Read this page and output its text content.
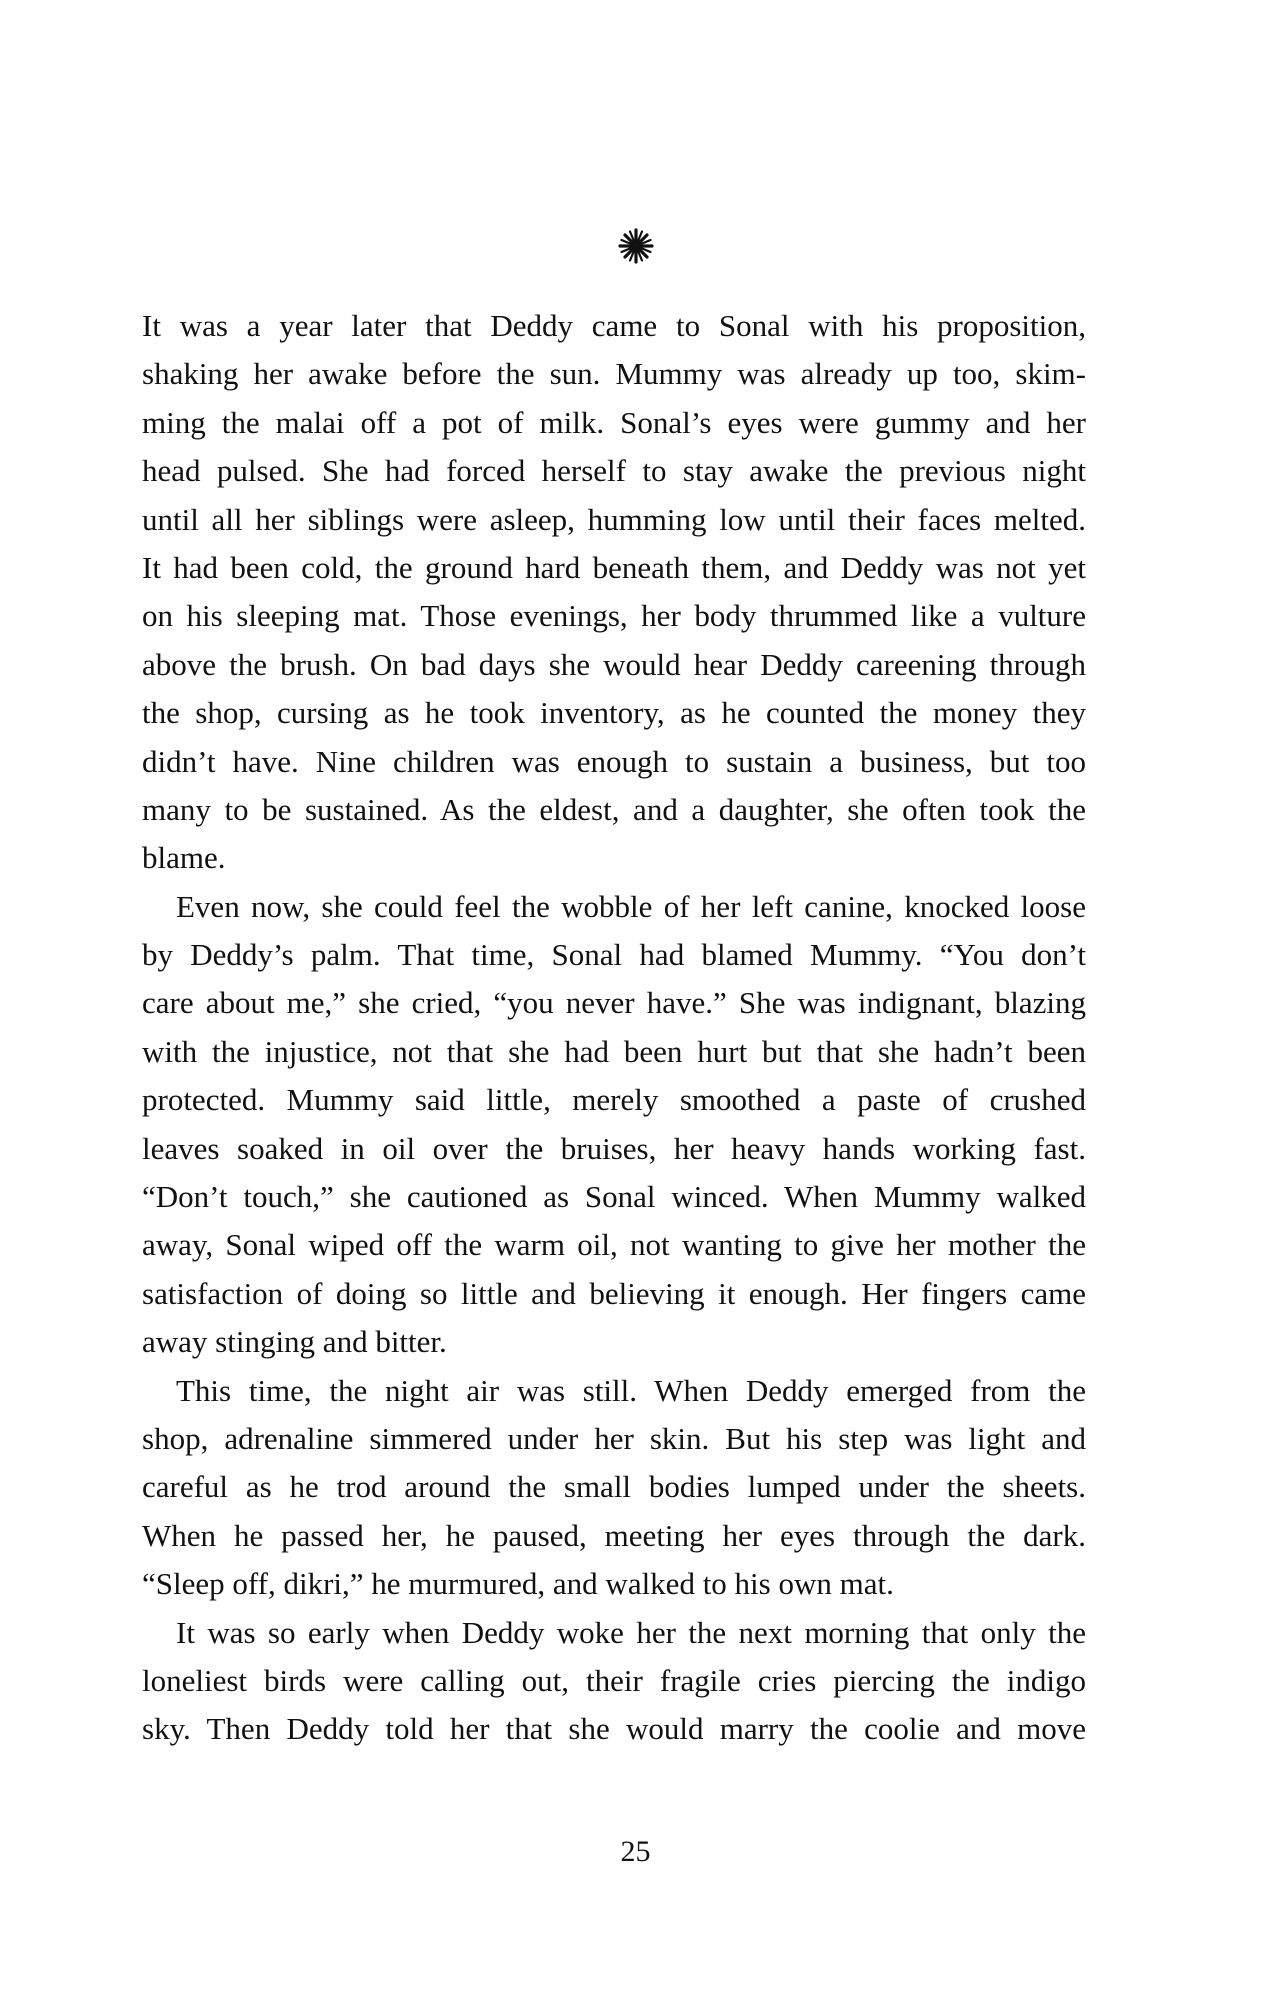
It was a year later that Deddy came to Sonal with his proposition,
shaking her awake before the sun. Mummy was already up too, skim-
ming the malai off a pot of milk. Sonal’s eyes were gummy and her
head pulsed. She had forced herself to stay awake the previous night
until all her siblings were asleep, humming low until their faces melted.
It had been cold, the ground hard beneath them, and Deddy was not yet
on his sleeping mat. Those evenings, her body thrummed like a vulture
above the brush. On bad days she would hear Deddy careening through
the shop, cursing as he took inventory, as he counted the money they
didn’t have. Nine children was enough to sustain a business, but too
many to be sustained. As the eldest, and a daughter, she often took the
blame.
Even now, she could feel the wobble of her left canine, knocked loose
by Deddy’s palm. That time, Sonal had blamed Mummy. “You don’t
care about me,” she cried, “you never have.” She was indignant, blazing
with the injustice, not that she had been hurt but that she hadn’t been
protected. Mummy said little, merely smoothed a paste of crushed
leaves soaked in oil over the bruises, her heavy hands working fast.
“Don’t touch,” she cautioned as Sonal winced. When Mummy walked
away, Sonal wiped off the warm oil, not wanting to give her mother the
satisfaction of doing so little and believing it enough. Her fingers came
away stinging and bitter.
This time, the night air was still. When Deddy emerged from the
shop, adrenaline simmered under her skin. But his step was light and
careful as he trod around the small bodies lumped under the sheets.
When he passed her, he paused, meeting her eyes through the dark.
“Sleep off, dikri,” he murmured, and walked to his own mat.
It was so early when Deddy woke her the next morning that only the
loneliest birds were calling out, their fragile cries piercing the indigo
sky. Then Deddy told her that she would marry the coolie and move
25
